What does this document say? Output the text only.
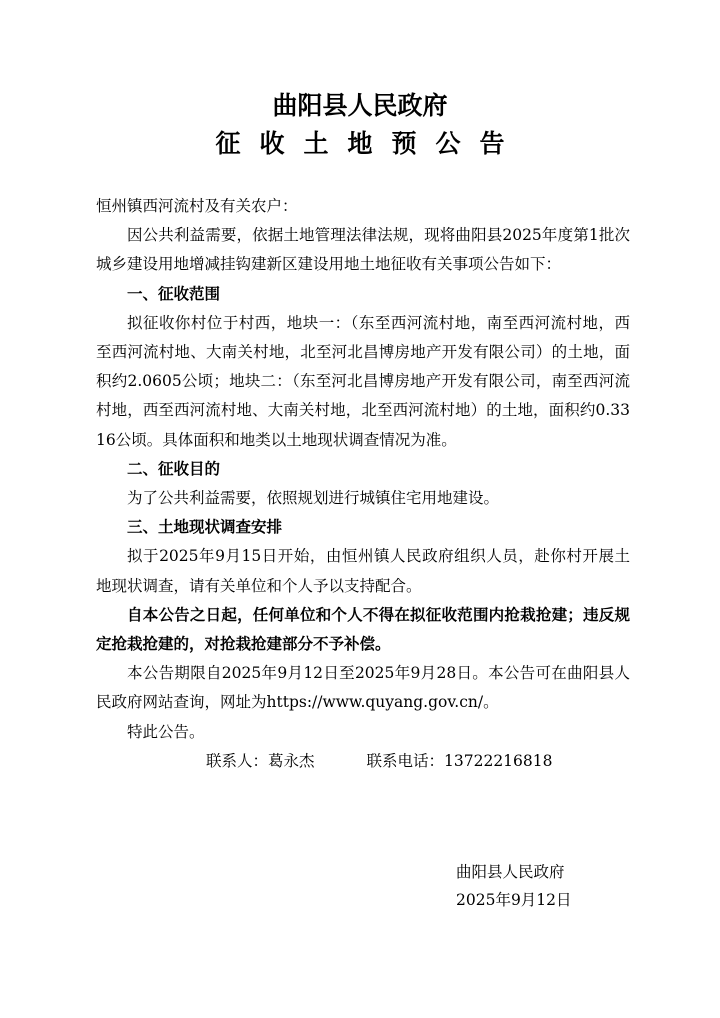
曲阳县人民政府
征收土地预公告

恒州镇西河流村及有关农户：

因公共利益需要，依据土地管理法律法规，现将曲阳县2025年度第1批次城乡建设用地增减挂钩建新区建设用地土地征收有关事项公告如下：

一、征收范围

拟征收你村位于村西，地块一：（东至西河流村地，南至西河流村地，西至西河流村地、大南关村地，北至河北昌博房地产开发有限公司）的土地，面积约2.0605公顷；地块二：（东至河北昌博房地产开发有限公司，南至西河流村地，西至西河流村地、大南关村地，北至西河流村地）的土地，面积约0.3316公顷。具体面积和地类以土地现状调查情况为准。

二、征收目的

为了公共利益需要，依照规划进行城镇住宅用地建设。

三、土地现状调查安排

拟于2025年9月15日开始，由恒州镇人民政府组织人员，赴你村开展土地现状调查，请有关单位和个人予以支持配合。

自本公告之日起，任何单位和个人不得在拟征收范围内抢栽抢建；违反规定抢栽抢建的，对抢栽抢建部分不予补偿。

本公告期限自2025年9月12日至2025年9月28日。本公告可在曲阳县人民政府网站查询，网址为https://www.quyang.gov.cn/。

特此公告。

联系人：葛永杰	联系电话：13722216818

曲阳县人民政府
2025年9月12日
